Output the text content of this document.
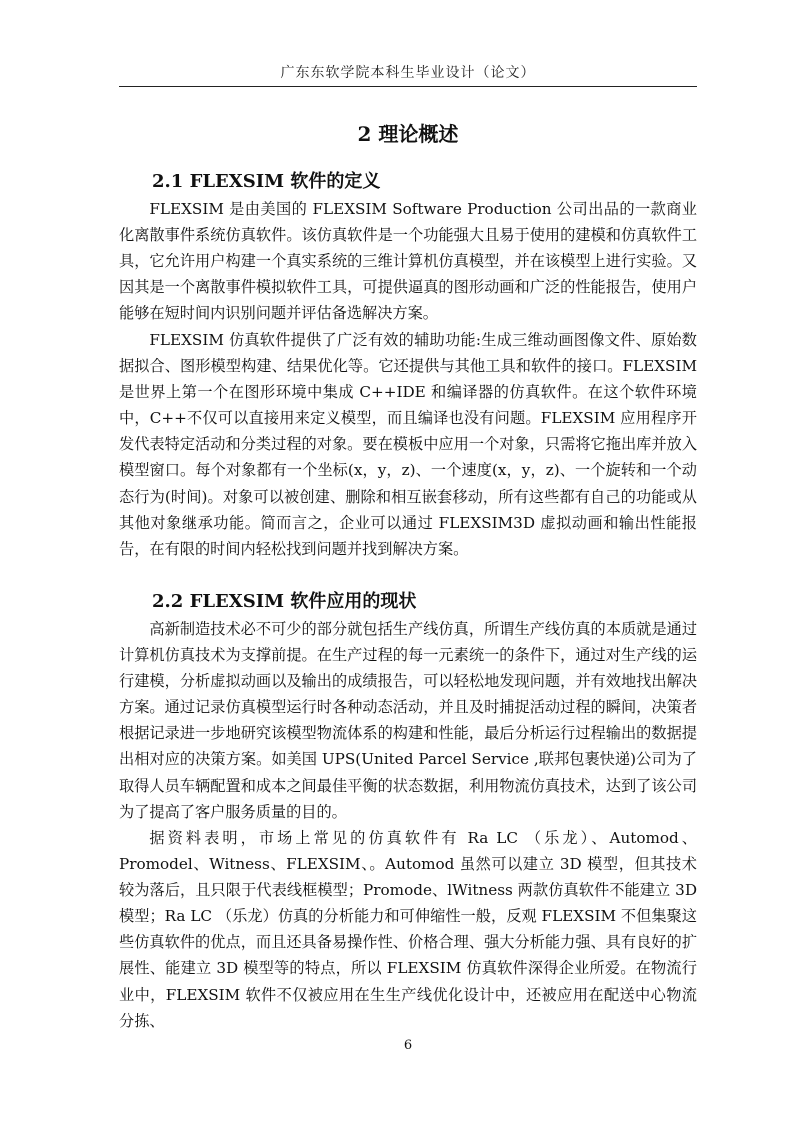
广东东软学院本科生毕业设计（论文）
2 理论概述
2.1 FLEXSIM 软件的定义

FLEXSIM 是由美国的 FLEXSIM Software Production 公司出品的一款商业化离散事件系统仿真软件。该仿真软件是一个功能强大且易于使用的建模和仿真软件工具，它允许用户构建一个真实系统的三维计算机仿真模型，并在该模型上进行实验。又因其是一个离散事件模拟软件工具，可提供逼真的图形动画和广泛的性能报告，使用户能够在短时间内识别问题并评估备选解决方案。

FLEXSIM 仿真软件提供了广泛有效的辅助功能:生成三维动画图像文件、原始数据拟合、图形模型构建、结果优化等。它还提供与其他工具和软件的接口。FLEXSIM 是世界上第一个在图形环境中集成 C++IDE 和编译器的仿真软件。在这个软件环境中，C++不仅可以直接用来定义模型，而且编译也没有问题。FLEXSIM 应用程序开发代表特定活动和分类过程的对象。要在模板中应用一个对象，只需将它拖出库并放入模型窗口。每个对象都有一个坐标(x，y，z)、一个速度(x，y，z)、一个旋转和一个动态行为(时间)。对象可以被创建、删除和相互嵌套移动，所有这些都有自己的功能或从其他对象继承功能。简而言之，企业可以通过 FLEXSIM3D 虚拟动画和输出性能报告，在有限的时间内轻松找到问题并找到解决方案。

2.2 FLEXSIM 软件应用的现状

高新制造技术必不可少的部分就包括生产线仿真，所谓生产线仿真的本质就是通过计算机仿真技术为支撑前提。在生产过程的每一元素统一的条件下，通过对生产线的运行建模，分析虚拟动画以及输出的成绩报告，可以轻松地发现问题，并有效地找出解决方案。通过记录仿真模型运行时各种动态活动，并且及时捕捉活动过程的瞬间，决策者根据记录进一步地研究该模型物流体系的构建和性能，最后分析运行过程输出的数据提出相对应的决策方案。如美国 UPS(United Parcel Service ,联邦包裹快递)公司为了取得人员车辆配置和成本之间最佳平衡的状态数据，利用物流仿真技术，达到了该公司为了提高了客户服务质量的目的。

据资料表明，市场上常见的仿真软件有 Ra LC （乐龙）、Automod、Promodel、Witness、FLEXSIM、。Automod 虽然可以建立 3D 模型，但其技术较为落后，且只限于代表线框模型；Promode、lWitness 两款仿真软件不能建立 3D 模型；Ra LC （乐龙）仿真的分析能力和可伸缩性一般，反观 FLEXSIM 不但集聚这些仿真软件的优点，而且还具备易操作性、价格合理、强大分析能力强、具有良好的扩展性、能建立 3D 模型等的特点，所以 FLEXSIM 仿真软件深得企业所爱。在物流行业中，FLEXSIM 软件不仅被应用在生生产线优化设计中，还被应用在配送中心物流分拣、

6
